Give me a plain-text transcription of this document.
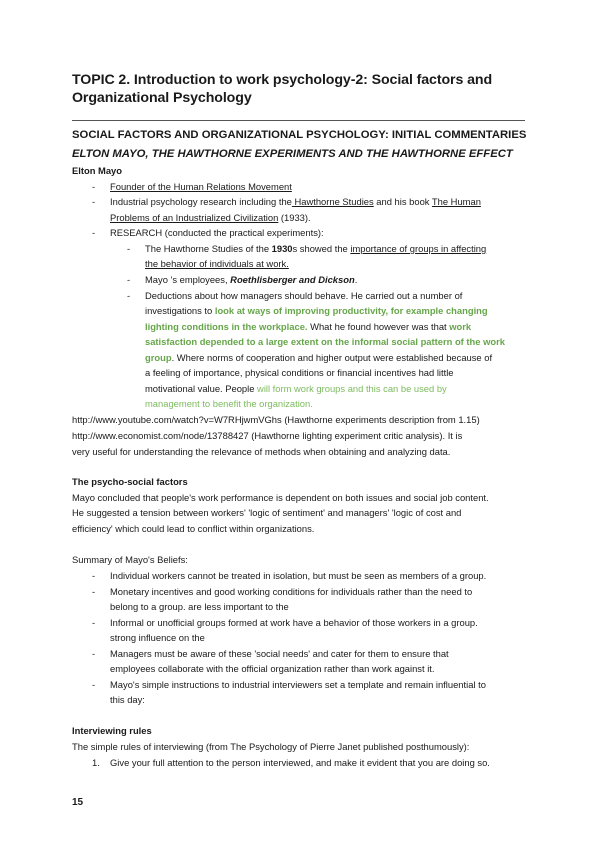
TOPIC 2. Introduction to work psychology-2: Social factors and Organizational Psychology
SOCIAL FACTORS AND ORGANIZATIONAL PSYCHOLOGY: INITIAL COMMENTARIES
ELTON MAYO, THE HAWTHORNE EXPERIMENTS AND THE HAWTHORNE EFFECT
Elton Mayo
- Founder of the Human Relations Movement
- Industrial psychology research including the Hawthorne Studies and his book The Human
Problems of an Industrialized Civilization (1933).
- RESEARCH (conducted the practical experiments):
- The Hawthorne Studies of the 1930s showed the importance of groups in affecting
the behavior of individuals at work.
- Mayo 's employees, Roethlisberger and Dickson.
- Deductions about how managers should behave. He carried out a number of
investigations to look at ways of improving productivity, for example changing
lighting conditions in the workplace. What he found however was that work
satisfaction depended to a large extent on the informal social pattern of the work
group. Where norms of cooperation and higher output were established because of
a feeling of importance, physical conditions or financial incentives had little
motivational value. People will form work groups and this can be used by
management to benefit the organization.
http://www.youtube.com/watch?v=W7RHjwmVGhs (Hawthorne experiments description from 1.15)
http://www.economist.com/node/13788427 (Hawthorne lighting experiment critic analysis). It is
very useful for understanding the relevance of methods when obtaining and analyzing data.
The psycho-social factors
Mayo concluded that people's work performance is dependent on both issues and social job content.
He suggested a tension between workers' 'logic of sentiment' and managers' 'logic of cost and
efficiency' which could lead to conflict within organizations.
Summary of Mayo's Beliefs:
- Individual workers cannot be treated in isolation, but must be seen as members of a group.
- Monetary incentives and good working conditions for individuals rather than the need to
belong to a group. are less important to the
- Informal or unofficial groups formed at work have a behavior of those workers in a group.
strong influence on the
- Managers must be aware of these 'social needs' and cater for them to ensure that
employees collaborate with the official organization rather than work against it.
- Mayo's simple instructions to industrial interviewers set a template and remain influential to
this day:
Interviewing rules
The simple rules of interviewing (from The Psychology of Pierre Janet published posthumously):
1. Give your full attention to the person interviewed, and make it evident that you are doing so.
15
